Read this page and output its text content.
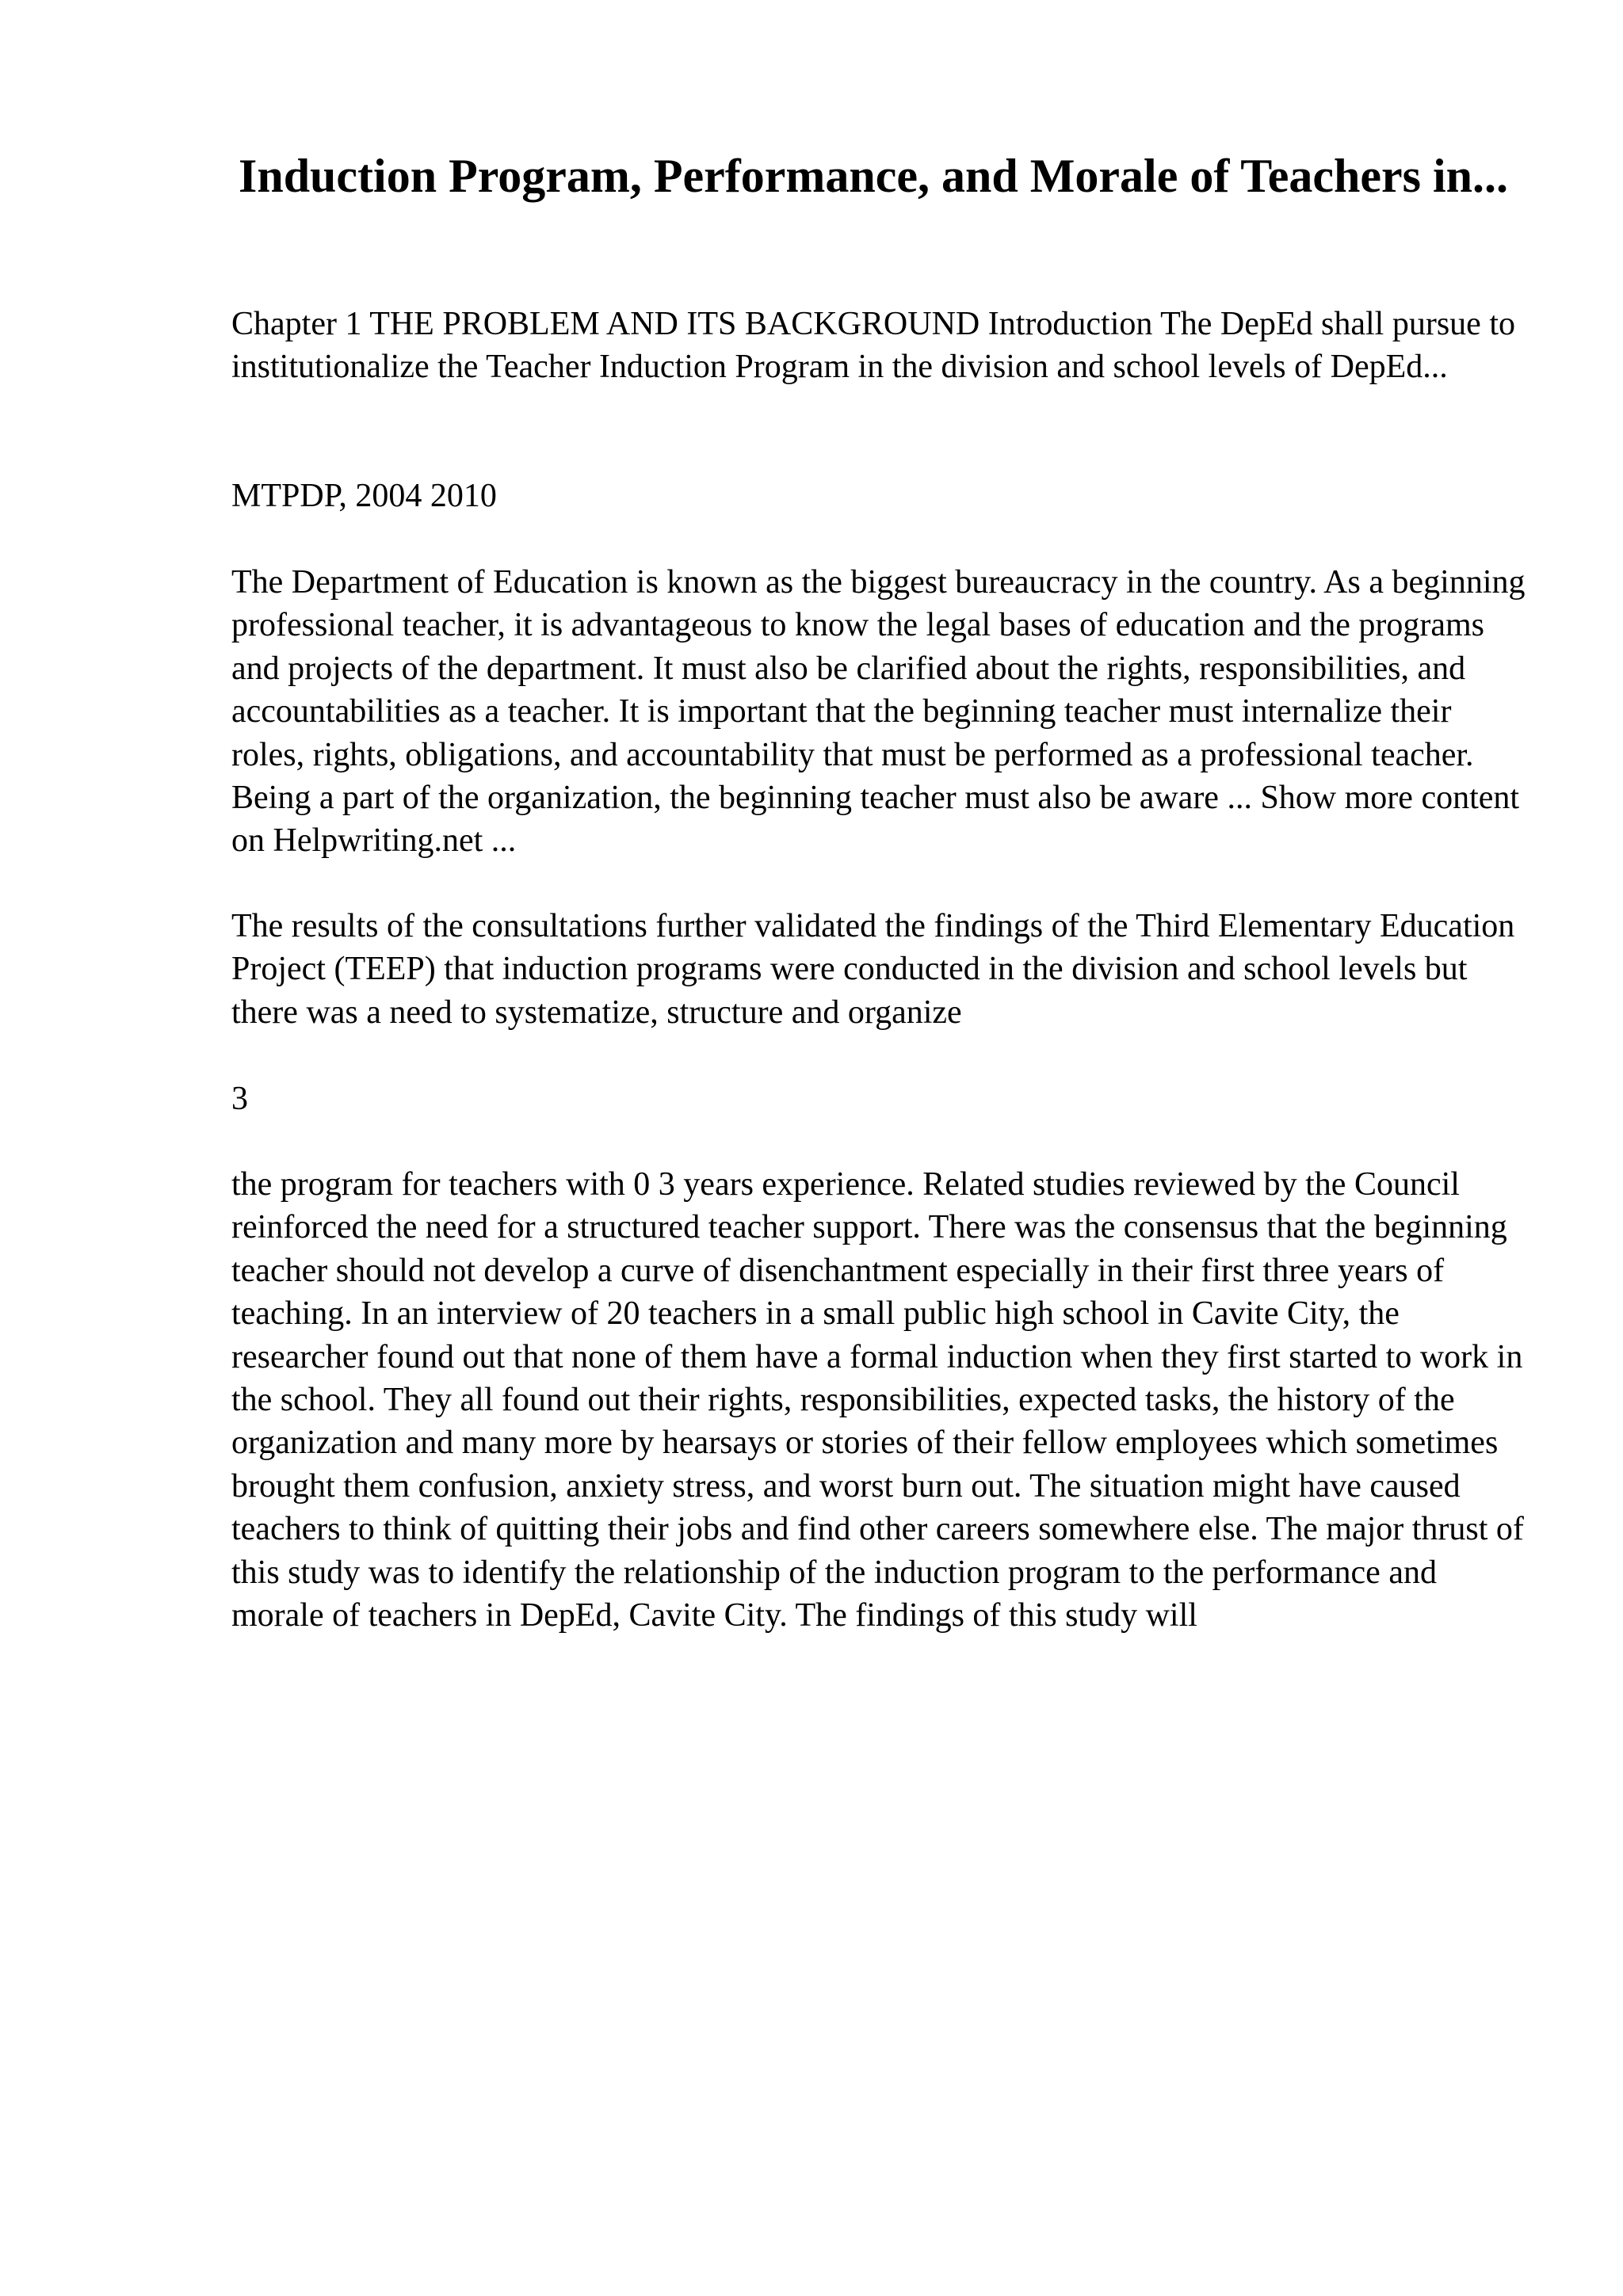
Induction Program, Performance, and Morale of Teachers in...

Chapter 1 THE PROBLEM AND ITS BACKGROUND Introduction The DepEd shall pursue to institutionalize the Teacher Induction Program in the division and school levels of DepEd...

MTPDP, 2004 2010

The Department of Education is known as the biggest bureaucracy in the country. As a beginning professional teacher, it is advantageous to know the legal bases of education and the programs and projects of the department. It must also be clarified about the rights, responsibilities, and accountabilities as a teacher. It is important that the beginning teacher must internalize their roles, rights, obligations, and accountability that must be performed as a professional teacher. Being a part of the organization, the beginning teacher must also be aware ... Show more content on Helpwriting.net ...

The results of the consultations further validated the findings of the Third Elementary Education Project (TEEP) that induction programs were conducted in the division and school levels but there was a need to systematize, structure and organize

3

the program for teachers with 0 3 years experience. Related studies reviewed by the Council reinforced the need for a structured teacher support. There was the consensus that the beginning teacher should not develop a curve of disenchantment especially in their first three years of teaching. In an interview of 20 teachers in a small public high school in Cavite City, the researcher found out that none of them have a formal induction when they first started to work in the school. They all found out their rights, responsibilities, expected tasks, the history of the organization and many more by hearsays or stories of their fellow employees which sometimes brought them confusion, anxiety stress, and worst burn out. The situation might have caused teachers to think of quitting their jobs and find other careers somewhere else. The major thrust of this study was to identify the relationship of the induction program to the performance and morale of teachers in DepEd, Cavite City. The findings of this study will
